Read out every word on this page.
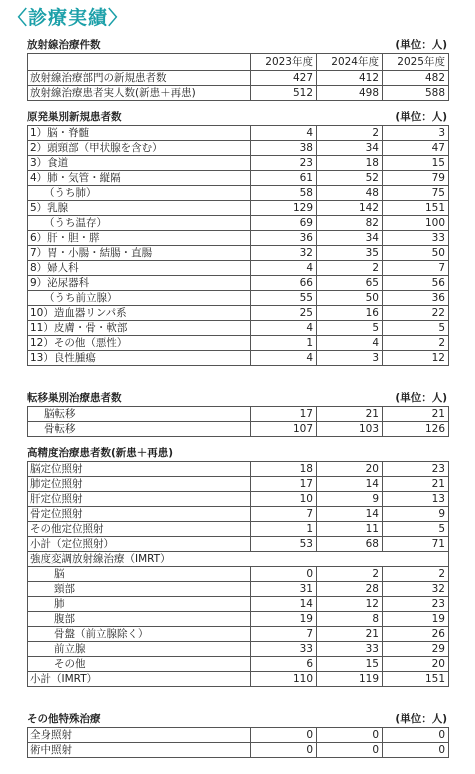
〈診療実績〉
放射線治療件数	(単位：人)
	2023年度	2024年度	2025年度
放射線治療部門の新規患者数	427	412	482
放射線治療患者実人数(新患＋再患)	512	498	588
原発巣別新規患者数	(単位：人)
1）脳・脊髄	4	2	3
2）頭頸部（甲状腺を含む）	38	34	47
3）食道	23	18	15
4）肺・気管・縦隔	61	52	79
（うち肺）	58	48	75
5）乳腺	129	142	151
（うち温存）	69	82	100
6）肝・胆・膵	36	34	33
7）胃・小腸・結腸・直腸	32	35	50
8）婦人科	4	2	7
9）泌尿器科	66	65	56
（うち前立腺）	55	50	36
10）造血器リンパ系	25	16	22
11）皮膚・骨・軟部	4	5	5
12）その他（悪性）	1	4	2
13）良性腫瘍	4	3	12
転移巣別治療患者数	(単位：人)
脳転移	17	21	21
骨転移	107	103	126
高精度治療患者数(新患＋再患)
脳定位照射	18	20	23
肺定位照射	17	14	21
肝定位照射	10	9	13
骨定位照射	7	14	9
その他定位照射	1	11	5
小計（定位照射）	53	68	71
強度変調放射線治療（IMRT）			
脳	0	2	2
頸部	31	28	32
肺	14	12	23
腹部	19	8	19
骨盤（前立腺除く）	7	21	26
前立腺	33	33	29
その他	6	15	20
小計（IMRT）	110	119	151
その他特殊治療	(単位：人)
全身照射	0	0	0
術中照射	0	0	0
